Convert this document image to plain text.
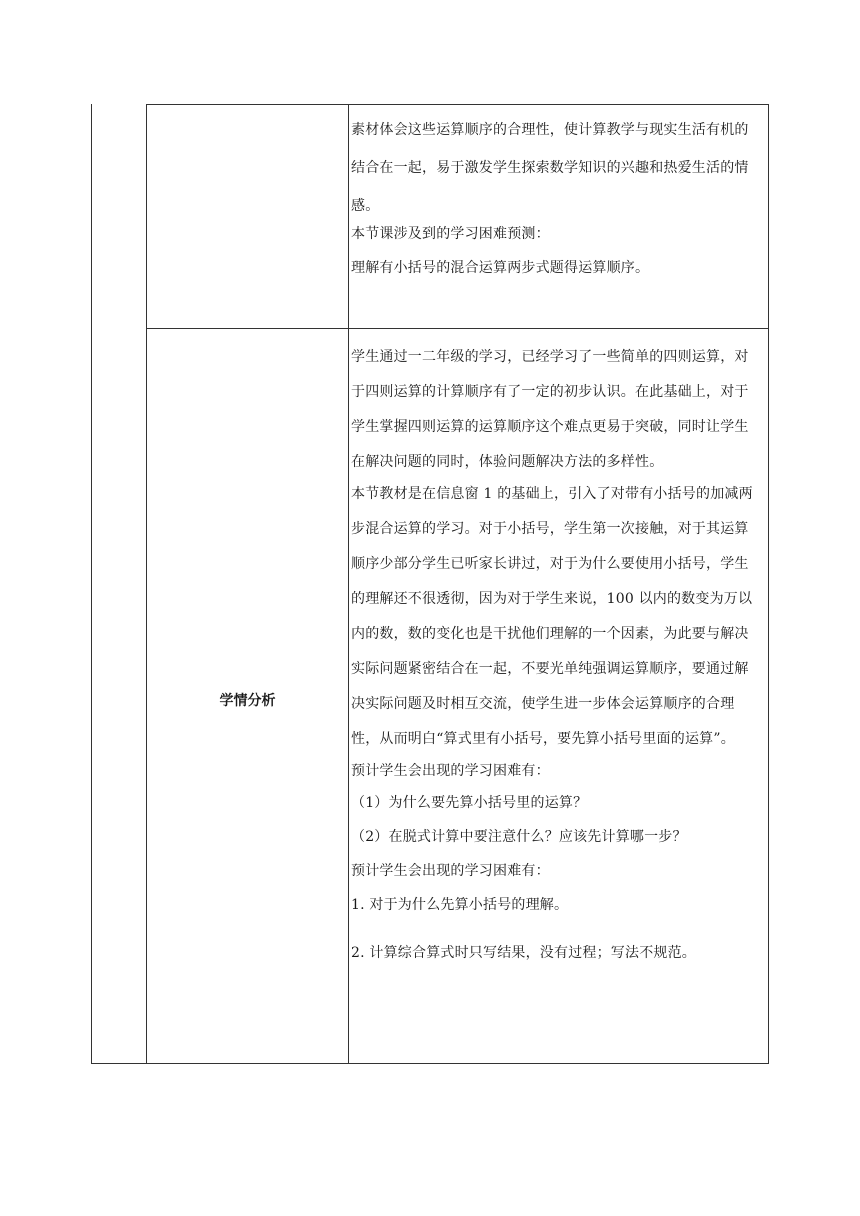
素材体会这些运算顺序的合理性，使计算教学与现实生活有机的

结合在一起，易于激发学生探索数学知识的兴趣和热爱生活的情

感。

本节课涉及到的学习困难预测：

理解有小括号的混合运算两步式题得运算顺序。

学情分析

学生通过一二年级的学习，已经学习了一些简单的四则运算，对

于四则运算的计算顺序有了一定的初步认识。在此基础上，对于

学生掌握四则运算的运算顺序这个难点更易于突破，同时让学生

在解决问题的同时，体验问题解决方法的多样性。

本节教材是在信息窗 1 的基础上，引入了对带有小括号的加减两

步混合运算的学习。对于小括号，学生第一次接触，对于其运算

顺序少部分学生已听家长讲过，对于为什么要使用小括号，学生

的理解还不很透彻，因为对于学生来说，100 以内的数变为万以

内的数，数的变化也是干扰他们理解的一个因素，为此要与解决

实际问题紧密结合在一起，不要光单纯强调运算顺序，要通过解

决实际问题及时相互交流，使学生进一步体会运算顺序的合理

性，从而明白“算式里有小括号，要先算小括号里面的运算”。

预计学生会出现的学习困难有：

（1）为什么要先算小括号里的运算？

（2）在脱式计算中要注意什么？应该先计算哪一步？

预计学生会出现的学习困难有：

1. 对于为什么先算小括号的理解。

2. 计算综合算式时只写结果，没有过程；写法不规范。
